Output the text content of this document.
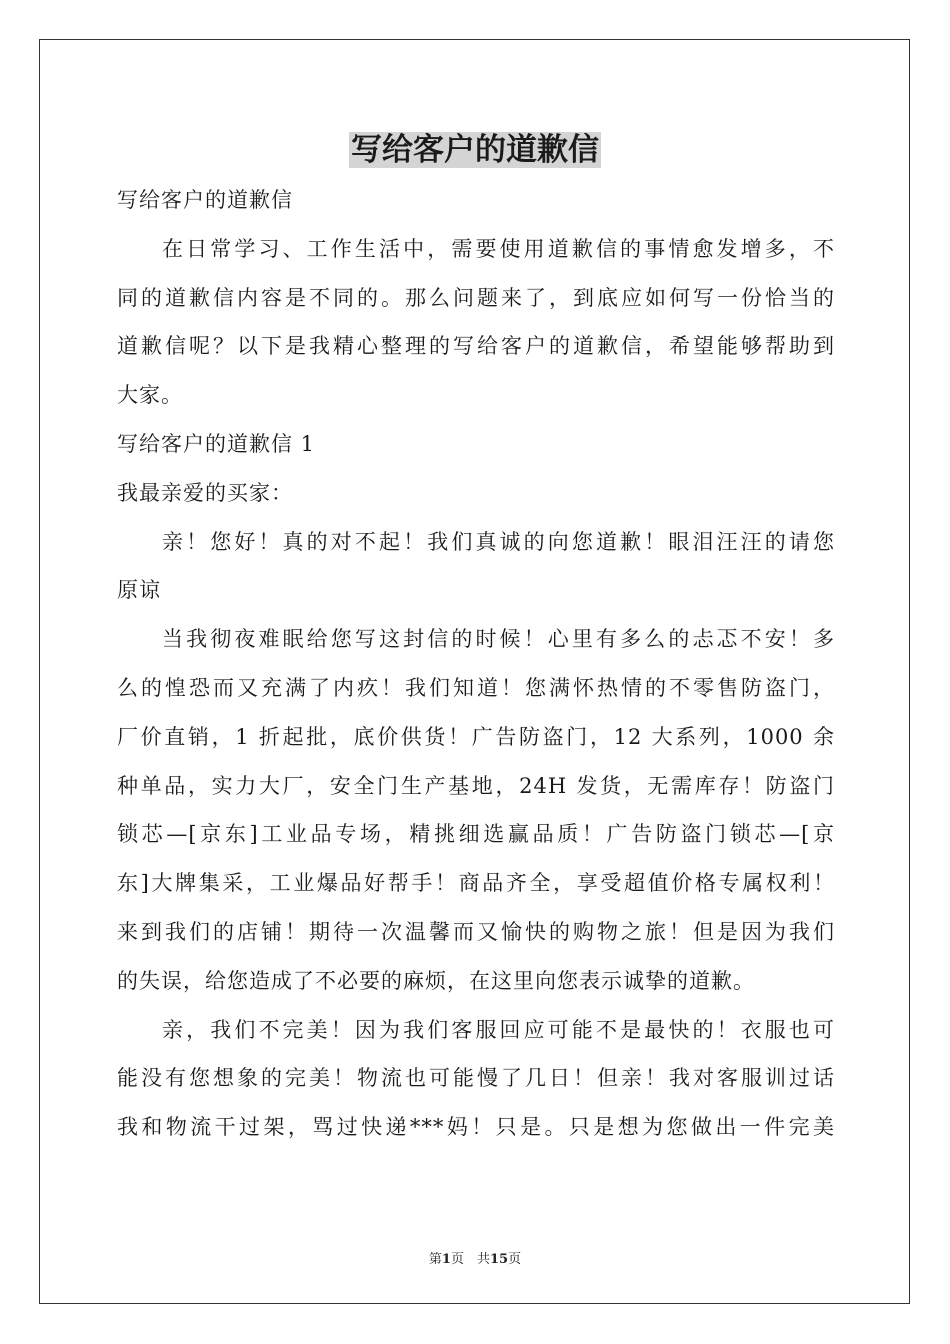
写给客户的道歉信
写给客户的道歉信
在日常学习、工作生活中，需要使用道歉信的事情愈发增多，不
同的道歉信内容是不同的。那么问题来了，到底应如何写一份恰当的
道歉信呢？以下是我精心整理的写给客户的道歉信，希望能够帮助到
大家。
写给客户的道歉信 1
我最亲爱的买家：
亲！您好！真的对不起！我们真诚的向您道歉！眼泪汪汪的请您
原谅
当我彻夜难眠给您写这封信的时候！心里有多么的忐忑不安！多
么的惶恐而又充满了内疚！我们知道！您满怀热情的不零售防盗门，
厂价直销，1 折起批，底价供货！广告防盗门，12 大系列，1000 余
种单品，实力大厂，安全门生产基地，24H 发货，无需库存！防盗门
锁芯—[京东]工业品专场，精挑细选赢品质！广告防盗门锁芯—[京
东]大牌集采，工业爆品好帮手！商品齐全，享受超值价格专属权利！
来到我们的店铺！期待一次温馨而又愉快的购物之旅！但是因为我们
的失误，给您造成了不必要的麻烦，在这里向您表示诚挚的道歉。
亲，我们不完美！因为我们客服回应可能不是最快的！衣服也可
能没有您想象的完美！物流也可能慢了几日！但亲！我对客服训过话
我和物流干过架，骂过快递***妈！只是。只是想为您做出一件完美
第1页　共15页
